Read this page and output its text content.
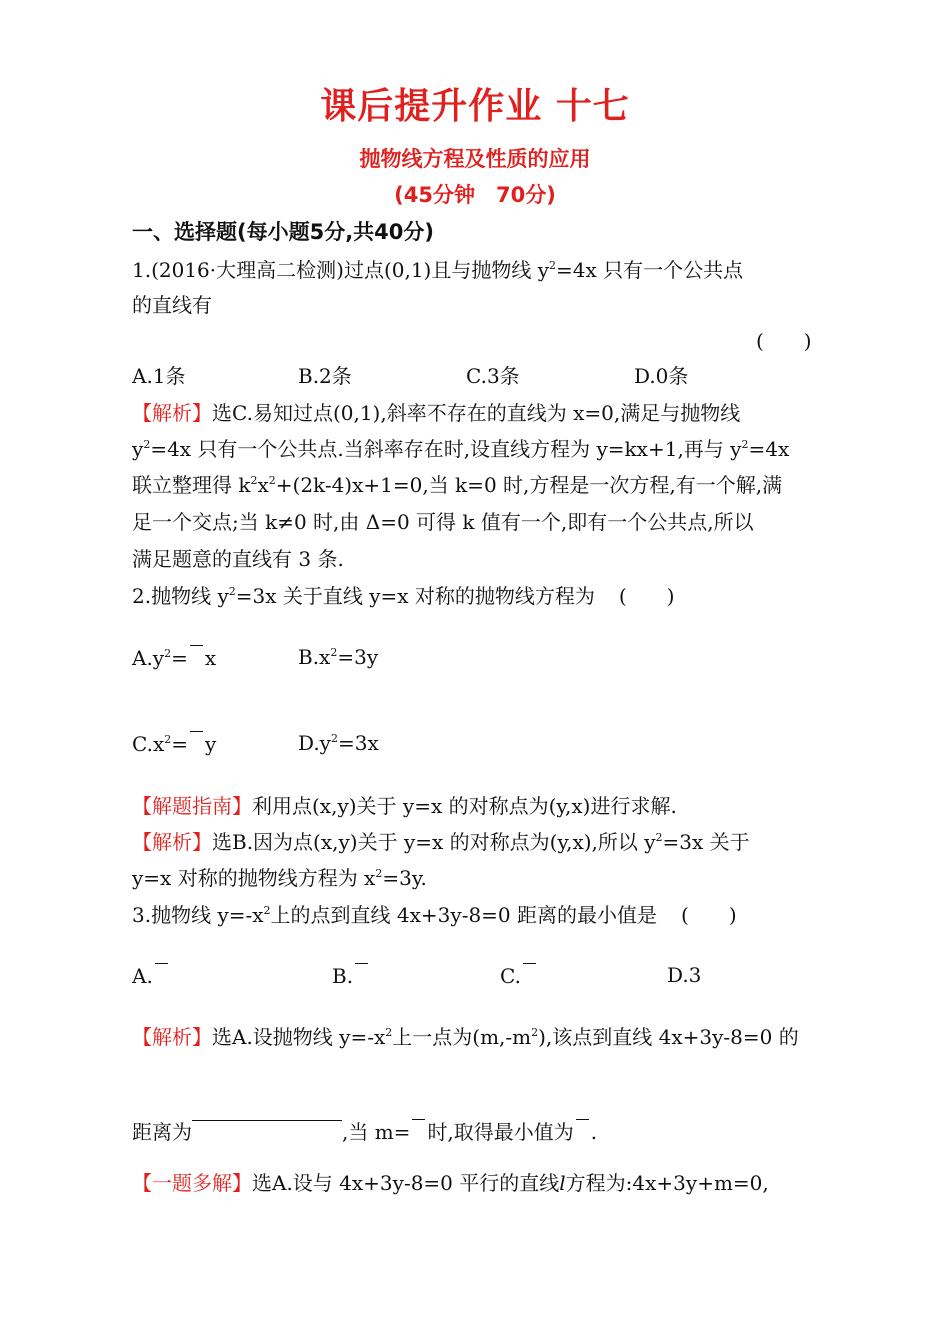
课后提升作业 十七
抛物线方程及性质的应用
(45分钟　70分)
一、选择题(每小题5分,共40分)
1.(2016·大理高二检测)过点(0,1)且与抛物线 $y^2=4x$ 只有一个公共点
的直线有
(　　)
A.1条	B.2条	C.3条	D.0条
【解析】选C.易知过点(0,1),斜率不存在的直线为 x=0,满足与抛物线
$y^2=4x$ 只有一个公共点.当斜率存在时,设直线方程为 y=kx+1,再与 $y^2=4x$
联立整理得 $k^2x^2+(2k-4)x+1=0$,当 k=0 时,方程是一次方程,有一个解,满
足一个交点;当 k≠0 时,由 Δ=0 可得 k 值有一个,即有一个公共点,所以
满足题意的直线有 3 条.
2.抛物线 $y^2=3x$ 关于直线 y=x 对称的抛物线方程为 (　　)
$A.y^2= x$	$B.x^2=3y$
$C.x^2= y$	$D.y^2=3x$
【解题指南】利用点(x,y)关于 y=x 的对称点为(y,x)进行求解.
【解析】选B.因为点(x,y)关于 y=x 的对称点为(y,x),所以 $y^2=3x$ 关于
y=x 对称的抛物线方程为 $x^2=3y$.
3.抛物线 $y=-x^2$上的点到直线 4x+3y-8=0 距离的最小值是 (　　)
A.	B.	C.	D.3
【解析】选A.设抛物线 $y=-x^2$上一点为$(m,-m^2)$,该点到直线 4x+3y-8=0 的
距离为	,当 m= 时,取得最小值为 .
【一题多解】选A.设与 4x+3y-8=0 平行的直线l方程为:4x+3y+m=0,
